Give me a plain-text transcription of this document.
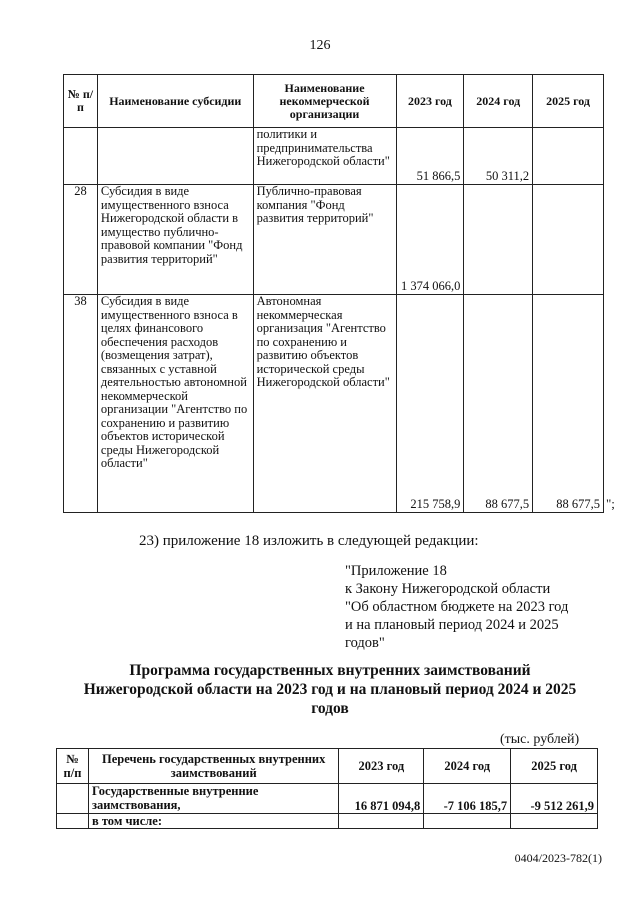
126
№ п/п	Наименование субсидии	Наименование некоммерческой организации	2023 год	2024 год	2025 год
		политики и предпринимательства Нижегородской области"	51 866,5	50 311,2	
28	Субсидия в виде имущественного взноса Нижегородской области в имущество публично-правовой компании "Фонд развития территорий"	Публично-правовая компания "Фонд развития территорий"	1 374 066,0		
38	Субсидия в виде имущественного взноса в целях финансового обеспечения расходов (возмещения затрат), связанных с уставной деятельностью автономной некоммерческой организации "Агентство по сохранению и развитию объектов исторической среды Нижегородской области"	Автономная некоммерческая организация "Агентство по сохранению и развитию объектов исторической среды Нижегородской области"	215 758,9	88 677,5	88 677,5 ";
23) приложение 18 изложить в следующей редакции:
"Приложение 18
к Закону Нижегородской области
"Об областном бюджете на 2023 год
и на плановый период 2024 и 2025
годов"
Программа государственных внутренних заимствований
Нижегородской области на 2023 год и на плановый период 2024 и 2025
годов
(тыс. рублей)
№ п/п	Перечень государственных внутренних заимствований	2023 год	2024 год	2025 год
	Государственные внутренние заимствования,	16 871 094,8	-7 106 185,7	-9 512 261,9
	в том числе:			
0404/2023-782(1)
